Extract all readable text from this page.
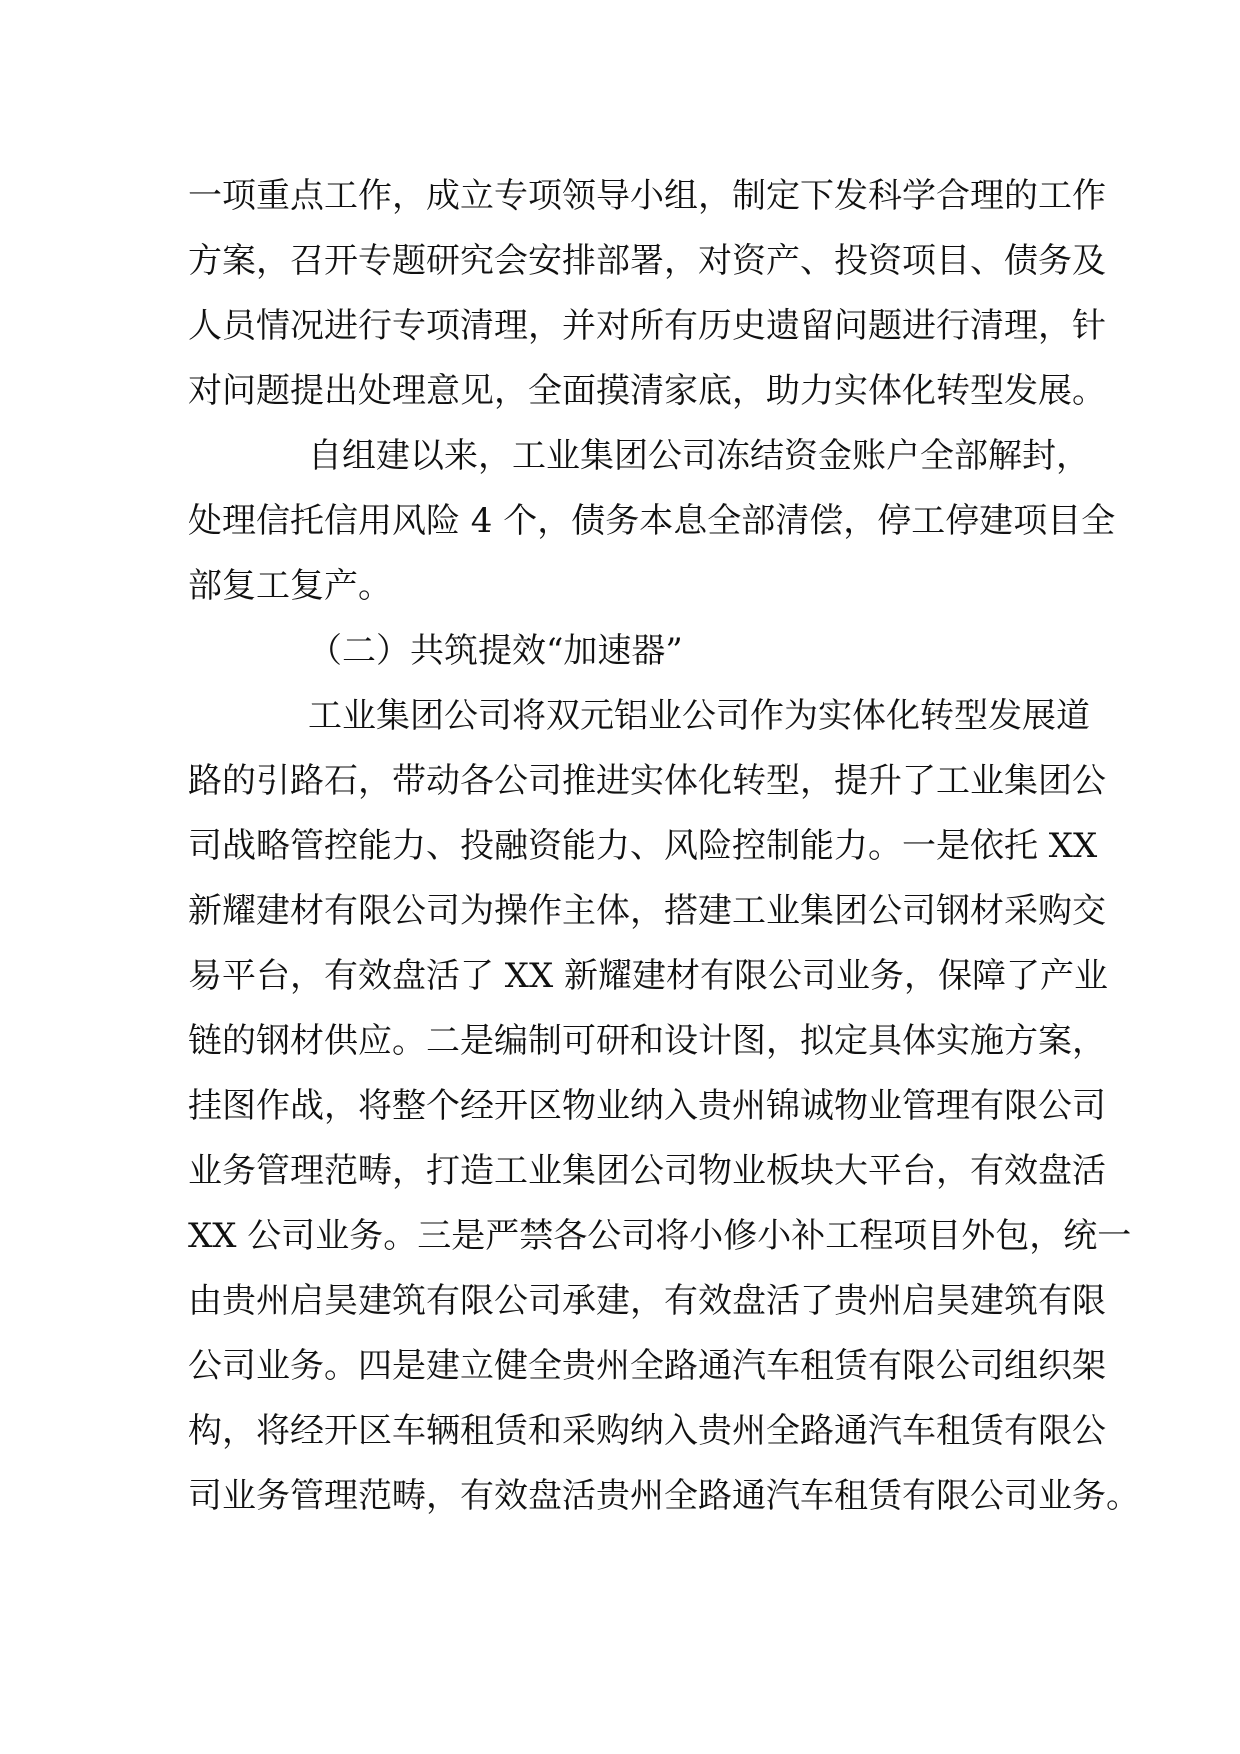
一项重点工作，成立专项领导小组，制定下发科学合理的工作
方案，召开专题研究会安排部署，对资产、投资项目、债务及
人员情况进行专项清理，并对所有历史遗留问题进行清理，针
对问题提出处理意见，全面摸清家底，助力实体化转型发展。
自组建以来，工业集团公司冻结资金账户全部解封，
处理信托信用风险 4 个，债务本息全部清偿，停工停建项目全
部复工复产。
（二）共筑提效“加速器”
工业集团公司将双元铝业公司作为实体化转型发展道
路的引路石，带动各公司推进实体化转型，提升了工业集团公
司战略管控能力、投融资能力、风险控制能力。一是依托 XX
新耀建材有限公司为操作主体，搭建工业集团公司钢材采购交
易平台，有效盘活了 XX 新耀建材有限公司业务，保障了产业
链的钢材供应。二是编制可研和设计图，拟定具体实施方案，
挂图作战，将整个经开区物业纳入贵州锦诚物业管理有限公司
业务管理范畴，打造工业集团公司物业板块大平台，有效盘活
XX 公司业务。三是严禁各公司将小修小补工程项目外包，统一
由贵州启昊建筑有限公司承建，有效盘活了贵州启昊建筑有限
公司业务。四是建立健全贵州全路通汽车租赁有限公司组织架
构，将经开区车辆租赁和采购纳入贵州全路通汽车租赁有限公
司业务管理范畴，有效盘活贵州全路通汽车租赁有限公司业务。
